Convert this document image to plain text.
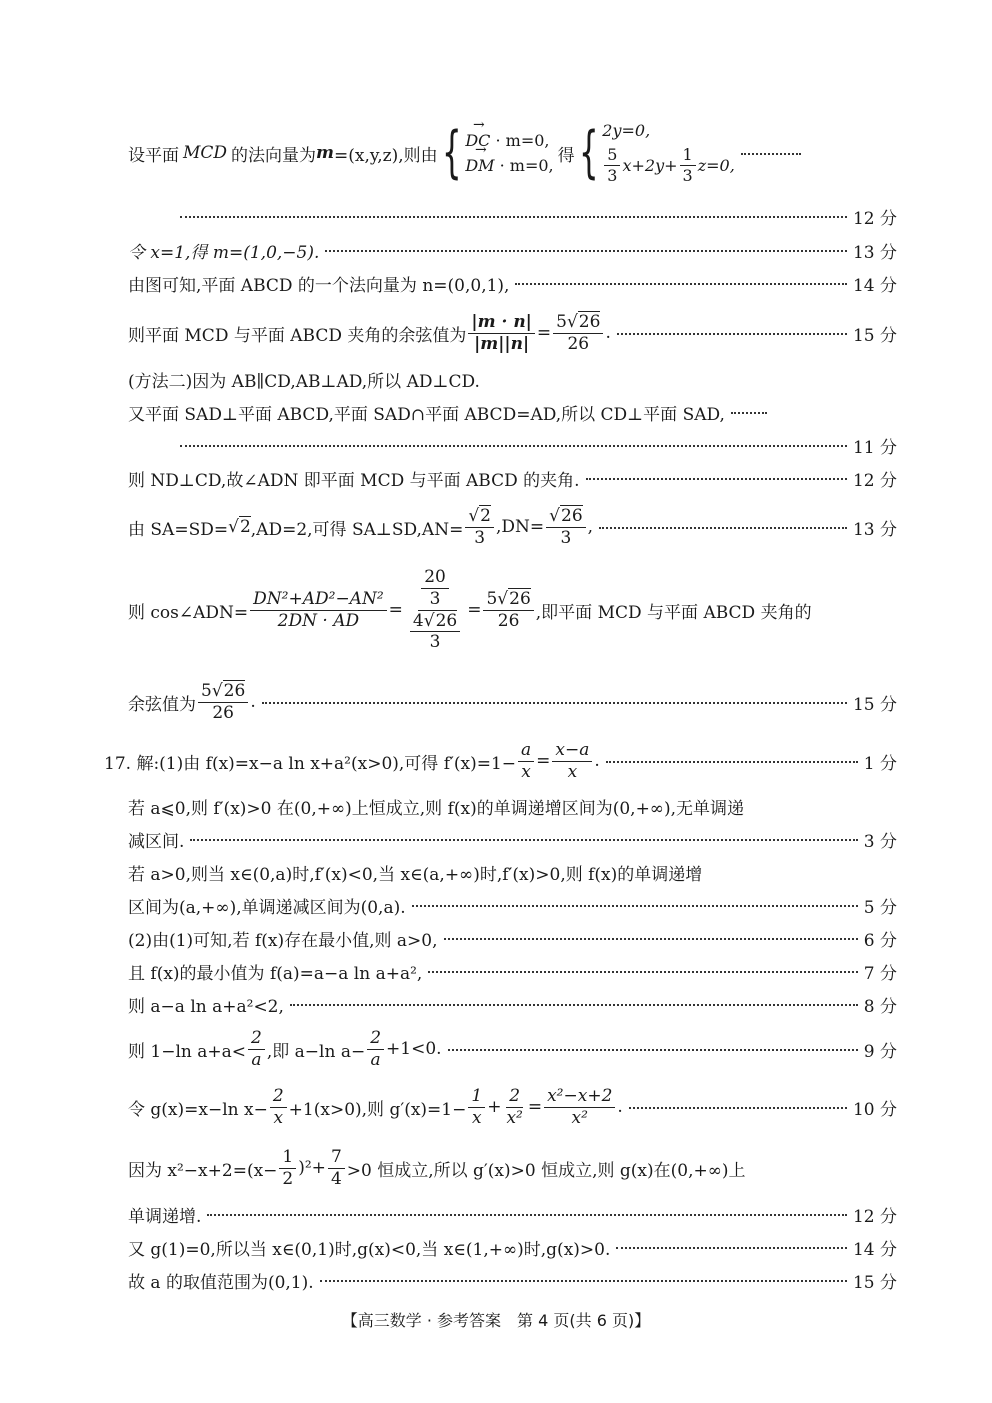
设平面 MCD 的法向量为 m =(x,y,z),则由 {
→ DC · m=0,
→ DM · m=0, 得 { 2y=0,
5
3
$x+2y+ \frac{1}{3} z=0$,
12 分
令 x=1,得 m=(1,0,−5).	13 分
由图可知,平面 ABCD 的一个法向量为 n=(0,0,1),	14 分
则平面 MCD 与平面 ABCD 夹角的余弦值为 $\frac{|m \cdot n|}{|m||n|} = \frac{5√26}{26}$ .	15 分
(方法二)因为 AB∥CD,AB⊥AD,所以 AD⊥CD.
又平面 SAD⊥平面 ABCD,平面 SAD∩平面 ABCD=AD,所以 CD⊥平面 SAD,
11 分
则 ND⊥CD,故∠ADN 即平面 MCD 与平面 ABCD 的夹角.	12 分
由 SA=SD= √2 ,AD=2,可得 SA⊥SD,AN= $\frac{√2}{3} ,DN= \frac{√26}{3}$ ,	13 分
则 cos∠ADN= $\frac{\text{DN²+AD²−AN²}}{2DN \cdot AD} = 20$
3
4√26
$3 = \frac{5√26}{26}$ ,即平面 MCD 与平面 ABCD 夹角的
余弦值为
5√26
26
.	15 分
17. 解:(1)由 f(x)=x−a ln x+a²(x>0),可得 $f'(x)=1- \frac{a}{x} = \frac{x-a}{x}$ .	1 分
若 a⩽0,则 f′(x)>0 在(0,+∞)上恒成立,则 f(x)的单调递增区间为(0,+∞),无单调递
减区间.	3 分
若 a>0,则当 x∈(0,a)时,f′(x)<0,当 x∈(a,+∞)时,f′(x)>0,则 f(x)的单调递增
区间为(a,+∞),单调递减区间为(0,a).	5 分
(2)由(1)可知,若 f(x)存在最小值,则 a>0,	6 分
且 f(x)的最小值为 f(a)=a−a ln a+a²,	7 分
则 a−a ln a+a²<2,	8 分
则 1−ln a+a<
2
a ,即 a−ln $a- \frac{2}{a} +1<0$.	9 分
令 g(x)=x−ln $x- \frac{2}{x} +1(x>0)$,则 $g'(x)=1- \frac{1}{x} + \frac{2}{\text{x²}} = \frac{\text{x²−x+2}}{\text{x²}}$ .	10 分
因为 $x^2-x+2=(x- \frac{1}{2} )^2+ \frac{7}{4} >0$ 恒成立,所以 g′(x)>0 恒成立,则 g(x)在(0,+∞)上
单调递增.	12 分
又 g(1)=0,所以当 x∈(0,1)时,g(x)<0,当 x∈(1,+∞)时,g(x)>0.	14 分
故 a 的取值范围为(0,1).	15 分
【高三数学 · 参考答案　第 4 页(共 6 页)】
